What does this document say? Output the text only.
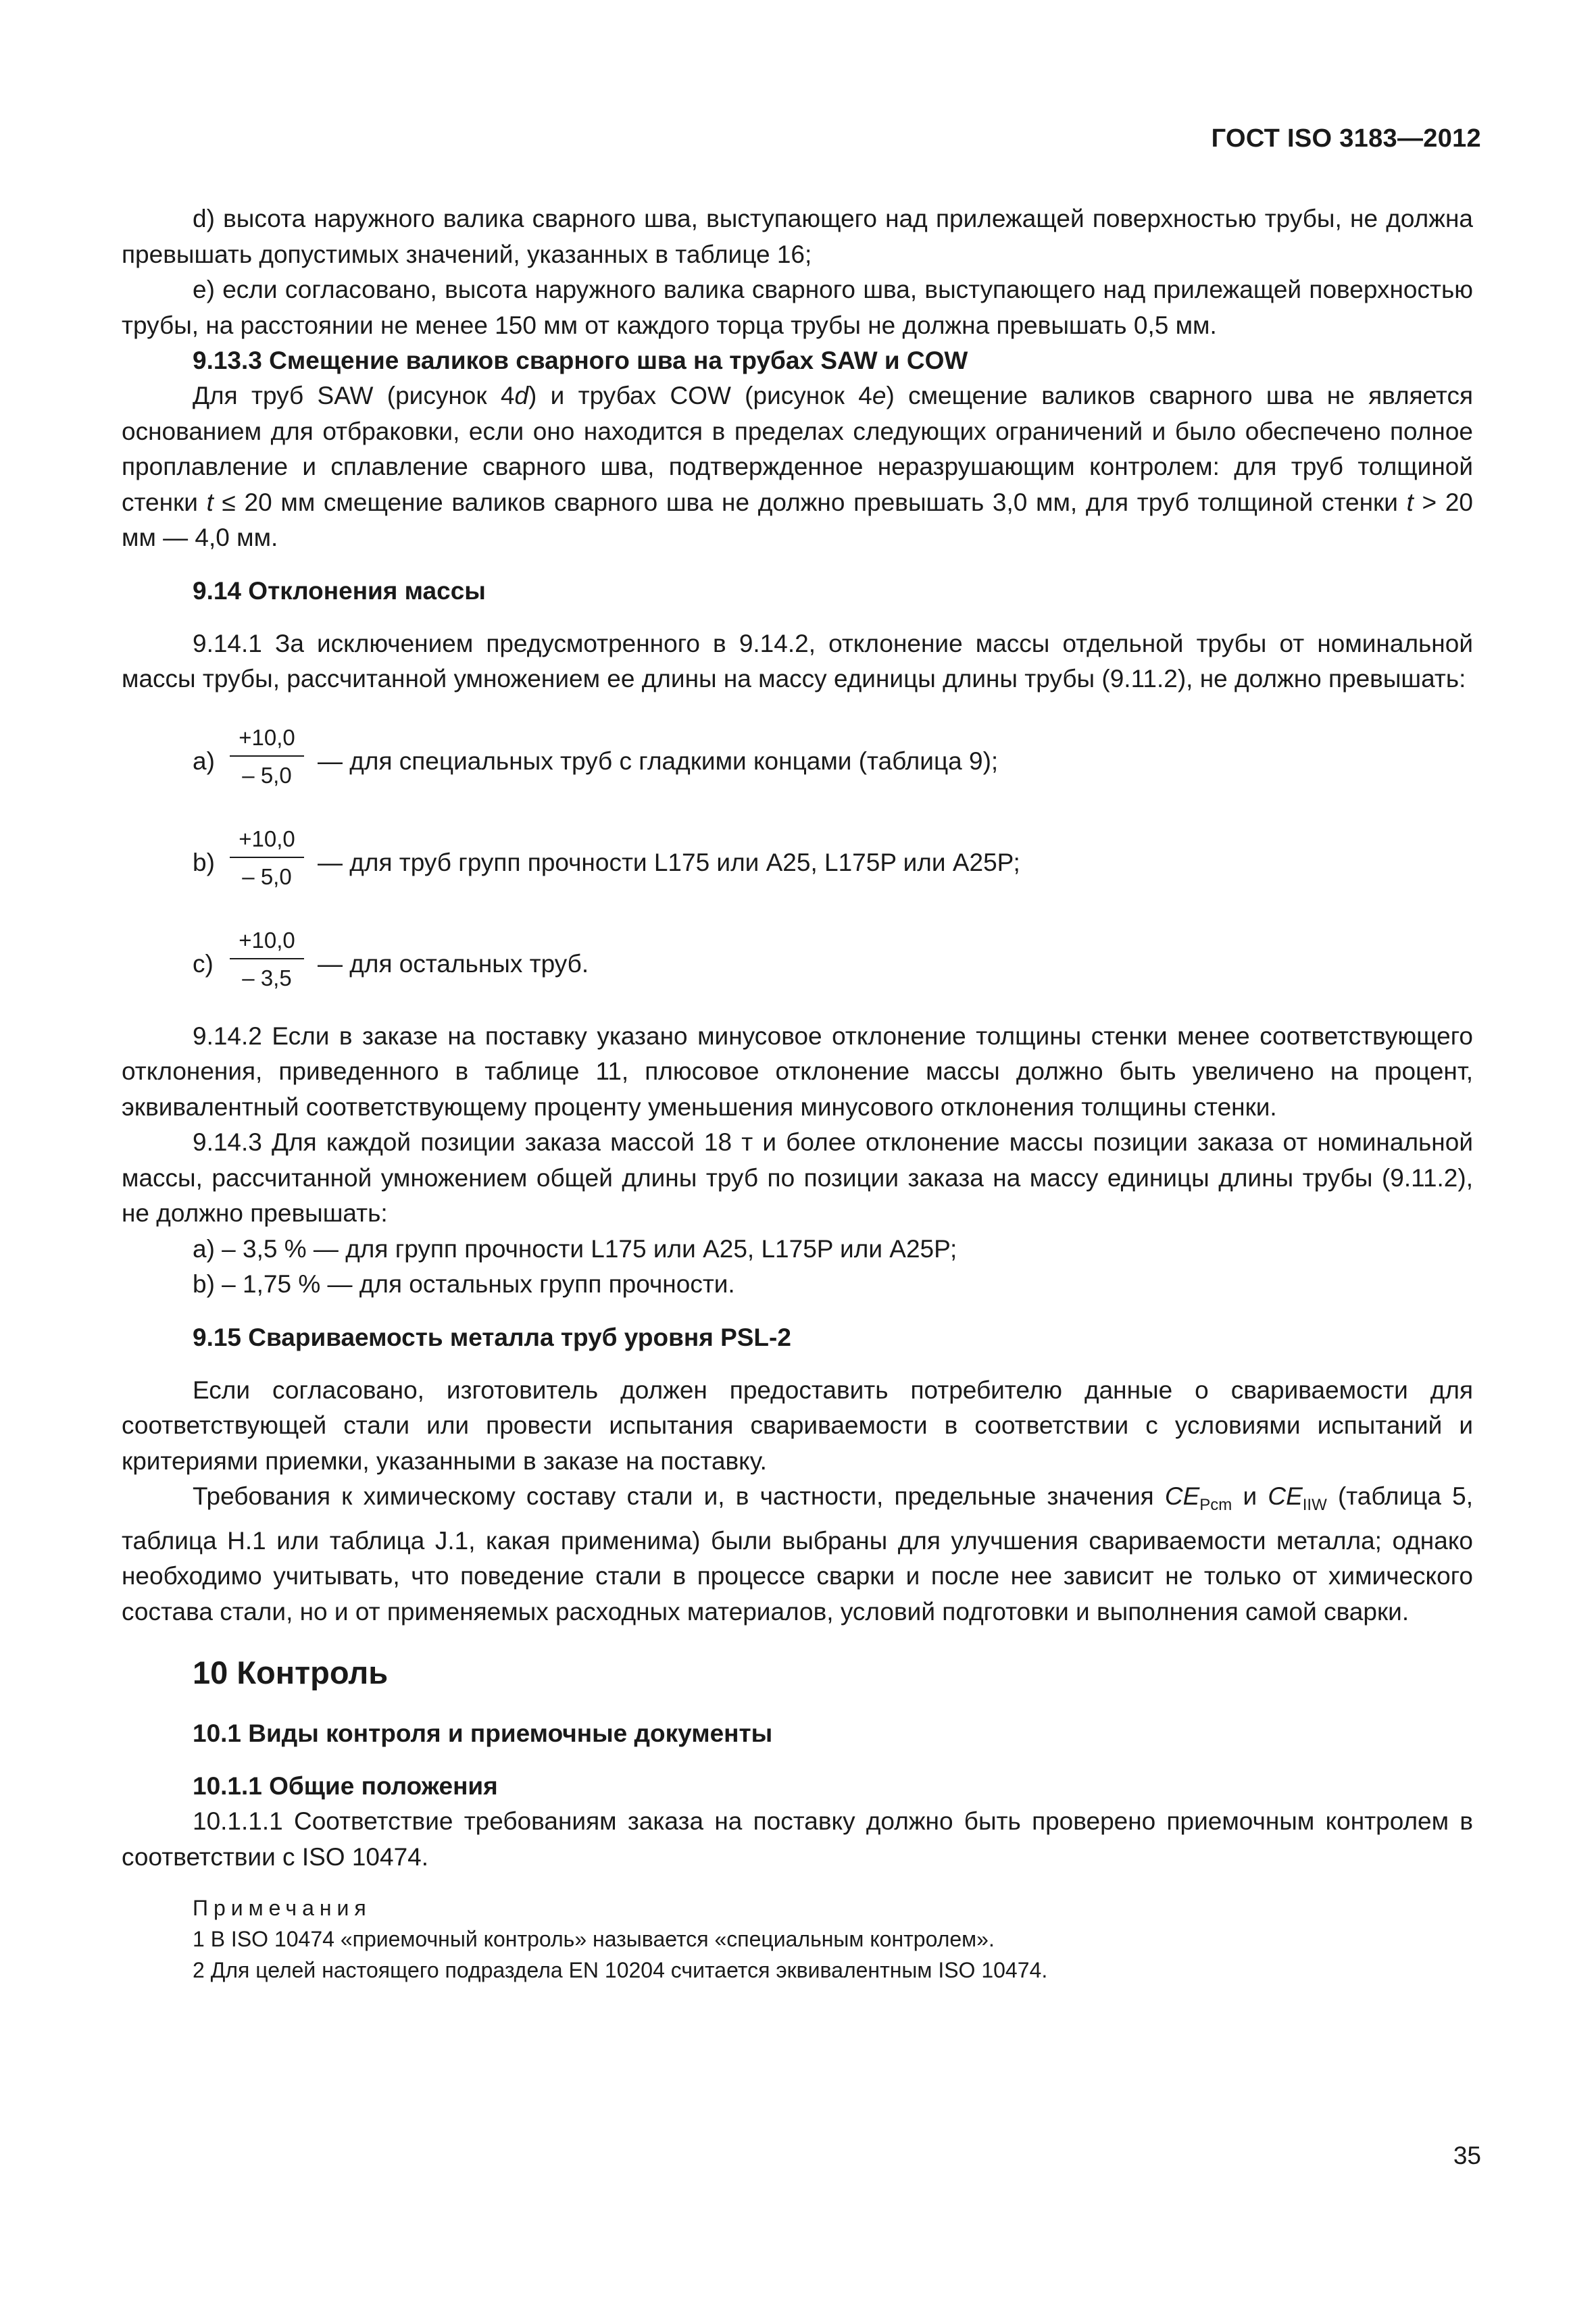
ГОСТ ISO 3183—2012

d) высота наружного валика сварного шва, выступающего над прилежащей поверхностью трубы, не должна превышать допустимых значений, указанных в таблице 16;

е) если согласовано, высота наружного валика сварного шва, выступающего над прилежащей поверхностью трубы, на расстоянии не менее 150 мм от каждого торца трубы не должна превышать 0,5 мм.

9.13.3 Смещение валиков сварного шва на трубах SAW и COW

Для труб SAW (рисунок 4d) и трубах COW (рисунок 4е) смещение валиков сварного шва не является основанием для отбраковки, если оно находится в пределах следующих ограничений и было обеспечено полное проплавление и сплавление сварного шва, подтвержденное неразрушающим контролем: для труб толщиной стенки t ≤ 20 мм смещение валиков сварного шва не должно превышать 3,0 мм, для труб толщиной стенки t > 20 мм — 4,0 мм.

9.14 Отклонения массы

9.14.1 За исключением предусмотренного в 9.14.2, отклонение массы отдельной трубы от номинальной массы трубы, рассчитанной умножением ее длины на массу единицы длины трубы (9.11.2), не должно превышать:

$a) \frac{+10,0}{- 5,0}$ — для специальных труб с гладкими концами (таблица 9);
$b) \frac{+10,0}{- 5,0}$ — для труб групп прочности L175 или А25, L175P или А25Р;
$c) \frac{+10,0}{- 3,5}$ — для остальных труб.

9.14.2 Если в заказе на поставку указано минусовое отклонение толщины стенки менее соответствующего отклонения, приведенного в таблице 11, плюсовое отклонение массы должно быть увеличено на процент, эквивалентный соответствующему проценту уменьшения минусового отклонения толщины стенки.

9.14.3 Для каждой позиции заказа массой 18 т и более отклонение массы позиции заказа от номинальной массы, рассчитанной умножением общей длины труб по позиции заказа на массу единицы длины трубы (9.11.2), не должно превышать:

а) – 3,5 % — для групп прочности L175 или А25, L175P или А25Р;

b) – 1,75 % — для остальных групп прочности.

9.15 Свариваемость металла труб уровня PSL-2

Если согласовано, изготовитель должен предоставить потребителю данные о свариваемости для соответствующей стали или провести испытания свариваемости в соответствии с условиями испытаний и критериями приемки, указанными в заказе на поставку.

Требования к химическому составу стали и, в частности, предельные значения $CE_{Pcm}$ и $CE_{IIW}$ (таблица 5, таблица Н.1 или таблица J.1, какая применима) были выбраны для улучшения свариваемости металла; однако необходимо учитывать, что поведение стали в процессе сварки и после нее зависит не только от химического состава стали, но и от применяемых расходных материалов, условий подготовки и выполнения самой сварки.

10 Контроль
10.1 Виды контроля и приемочные документы
10.1.1 Общие положения

10.1.1.1 Соответствие требованиям заказа на поставку должно быть проверено приемочным контролем в соответствии с ISO 10474.

Примечания
1 В ISO 10474 «приемочный контроль» называется «специальным контролем».
2 Для целей настоящего подраздела EN 10204 считается эквивалентным ISO 10474.
35
